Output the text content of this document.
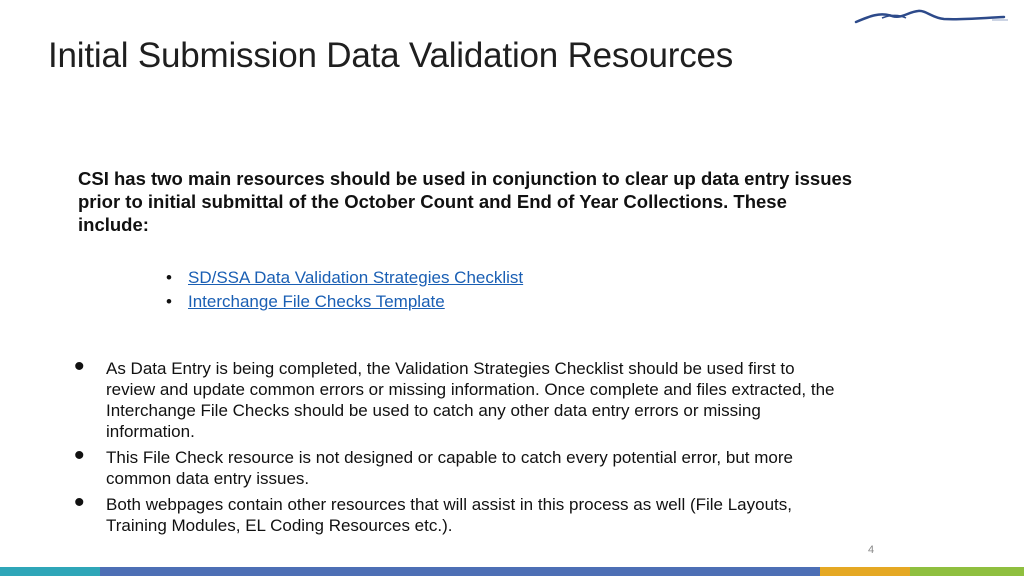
Initial Submission Data Validation Resources
CSI has two main resources should be used in conjunction to clear up data entry issues prior to initial submittal of the October Count and End of Year Collections. These include:
• SD/SSA Data Validation Strategies Checklist
• Interchange File Checks Template
• As Data Entry is being completed, the Validation Strategies Checklist should be used first to review and update common errors or missing information. Once complete and files extracted, the Interchange File Checks should be used to catch any other data entry errors or missing information.
• This File Check resource is not designed or capable to catch every potential error, but more common data entry issues.
• Both webpages contain other resources that will assist in this process as well (File Layouts, Training Modules, EL Coding Resources etc.).
4
